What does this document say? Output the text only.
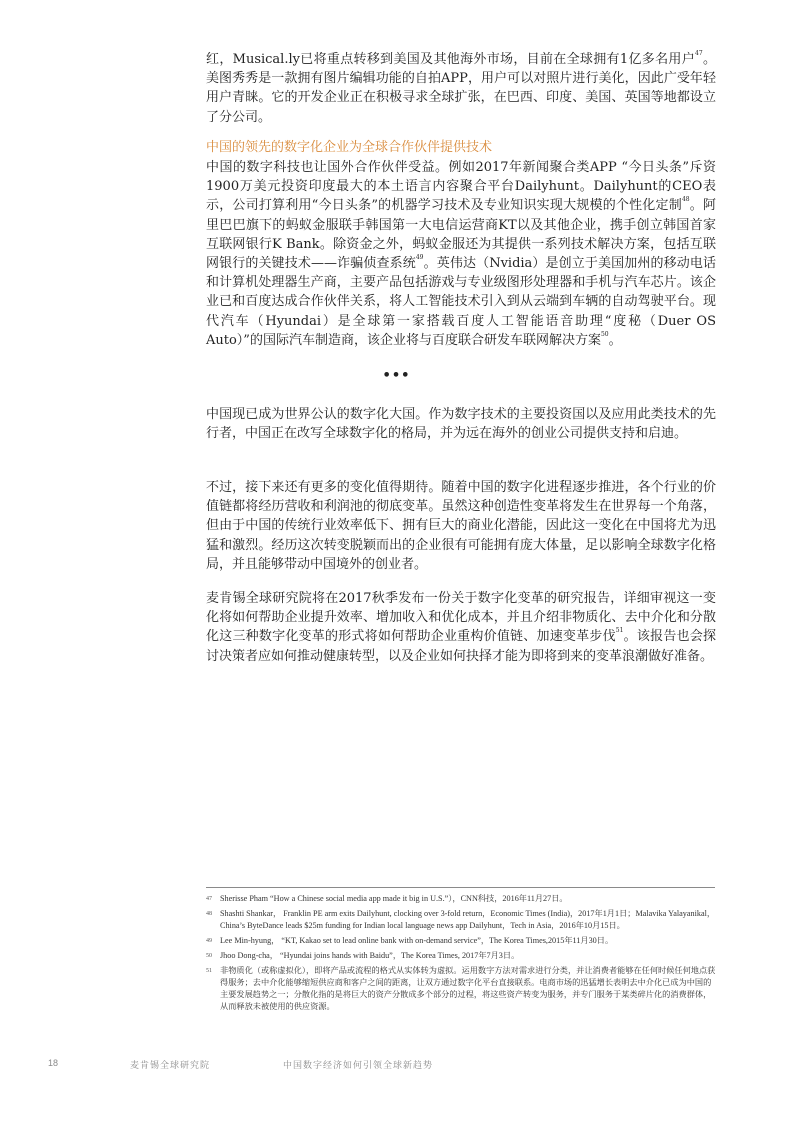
红，Musical.ly已将重点转移到美国及其他海外市场，目前在全球拥有1亿多名用户$^{47}$。美图秀秀是一款拥有图片编辑功能的自拍APP，用户可以对照片进行美化，因此广受年轻用户青睐。它的开发企业正在积极寻求全球扩张，在巴西、印度、美国、英国等地都设立了分公司。

中国的领先的数字化企业为全球合作伙伴提供技术

中国的数字科技也让国外合作伙伴受益。例如2017年新闻聚合类APP “今日头条”斥资1900万美元投资印度最大的本土语言内容聚合平台Dailyhunt。Dailyhunt的CEO表示，公司打算利用“今日头条”的机器学习技术及专业知识实现大规模的个性化定制$^{48}$。阿里巴巴旗下的蚂蚁金服联手韩国第一大电信运营商KT以及其他企业，携手创立韩国首家互联网银行K Bank。除资金之外，蚂蚁金服还为其提供一系列技术解决方案，包括互联网银行的关键技术——诈骗侦查系统$^{49}$。英伟达（Nvidia）是创立于美国加州的移动电话和计算机处理器生产商，主要产品包括游戏与专业级图形处理器和手机与汽车芯片。该企业已和百度达成合作伙伴关系，将人工智能技术引入到从云端到车辆的自动驾驶平台。现代汽车（Hyundai）是全球第一家搭载百度人工智能语音助理“度秘（Duer OS Auto）”的国际汽车制造商，该企业将与百度联合研发车联网解决方案$^{50}$。

•••

中国现已成为世界公认的数字化大国。作为数字技术的主要投资国以及应用此类技术的先行者，中国正在改写全球数字化的格局，并为远在海外的创业公司提供支持和启迪。

不过，接下来还有更多的变化值得期待。随着中国的数字化进程逐步推进，各个行业的价值链都将经历营收和利润池的彻底变革。虽然这种创造性变革将发生在世界每一个角落，但由于中国的传统行业效率低下、拥有巨大的商业化潜能，因此这一变化在中国将尤为迅猛和激烈。经历这次转变脱颖而出的企业很有可能拥有庞大体量，足以影响全球数字化格局，并且能够带动中国境外的创业者。

麦肯锡全球研究院将在2017秋季发布一份关于数字化变革的研究报告，详细审视这一变化将如何帮助企业提升效率、增加收入和优化成本，并且介绍非物质化、去中介化和分散化这三种数字化变革的形式将如何帮助企业重构价值链、加速变革步伐$^{51}$。该报告也会探讨决策者应如何推动健康转型，以及企业如何抉择才能为即将到来的变革浪潮做好准备。

47 Sherisse Pham “How a Chinese social media app made it big in U.S.”），CNN科技，2016年11月27日。
48 Shashti Shankar， Franklin PE arm exits Dailyhunt, clocking over 3-fold return，Economic Times (India)，2017年1月1日；Malavika Yalayanikal， China’s ByteDance leads $25m funding for Indian local language news app Dailyhunt，Tech in Asia，2016年10月15日。
49 Lee Min-hyung， “KT, Kakao set to lead online bank with on-demand service”，The Korea Times,2015年11月30日。
50 Jhoo Dong-cha， “Hyundai joins hands with Baidu”，The Korea Times, 2017年7月3日。
51 非物质化（或称虚拟化），即将产品或流程的格式从实体转为虚拟。运用数字方法对需求进行分类，并让消费者能够在任何时候任何地点获得服务；去中介化能够缩短供应商和客户之间的距离，让双方通过数字化平台直接联系。电商市场的迅猛增长表明去中介化已成为中国的主要发展趋势之一；分散化指的是将巨大的资产分散成多个部分的过程，将这些资产转变为服务，并专门服务于某类碎片化的消费群体，从而释放未被使用的供应资源。
18	麦肯锡全球研究院	中国数字经济如何引领全球新趋势
